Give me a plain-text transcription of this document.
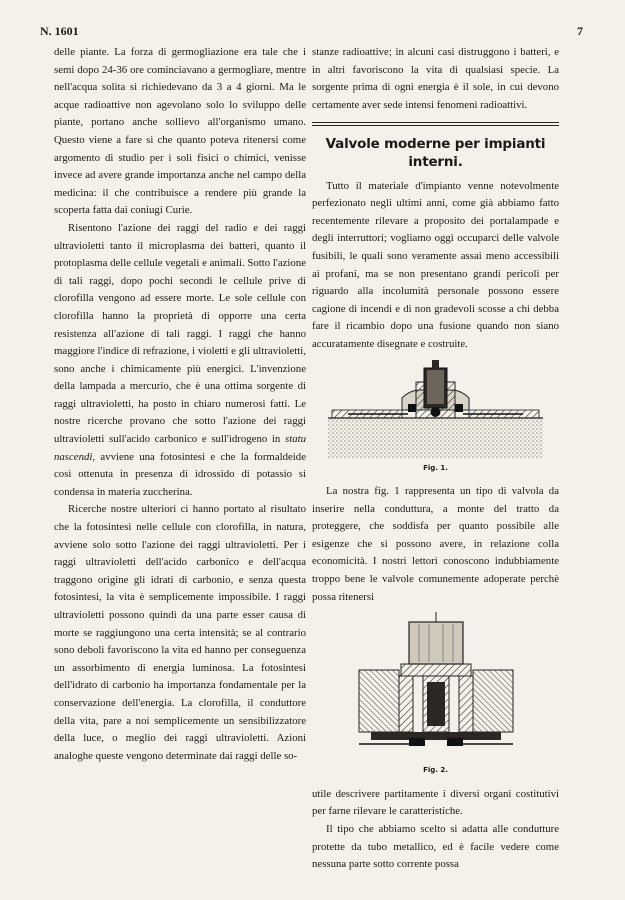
N. 1601	7

delle piante. La forza di germogliazione era tale che i semi dopo 24-36 ore cominciavano a germogliare, mentre nell'acqua solita si richiedevano da 3 a 4 giorni. Ma le acque radioattive non agevolano solo lo sviluppo delle piante, portano anche sollievo all'organismo umano. Questo viene a fare sì che quanto poteva ritenersi come argomento di studio per i soli fisici o chimici, venisse invece ad avere grande importanza anche nel campo della medicina: il che contribuisce a rendere più grande la scoperta fatta dai coniugi Curie.

Risentono l'azione dei raggi del radio e dei raggi ultravioletti tanto il microplasma dei batteri, quanto il protoplasma delle cellule vegetali e animali. Sotto l'azione di tali raggi, dopo pochi secondi le cellule prive di clorofilla vengono ad essere morte. Le sole cellule con clorofilla hanno la proprietà di opporre una certa resistenza all'azione di tali raggi. I raggi che hanno maggiore l'indice di refrazione, i violetti e gli ultravioletti, sono anche i chimicamente più energici. L'invenzione della lampada a mercurio, che è una ottima sorgente di raggi ultravioletti, ha posto in chiaro numerosi fatti. Le nostre ricerche provano che sotto l'azione dei raggi ultravioletti sull'acido carbonico e sull'idrogeno in statu nascendi, avviene una fotosintesi e che la formaldeide così ottenuta in presenza di idrossido di potassio si condensa in materia zuccherina.

Ricerche nostre ulteriori ci hanno portato al risultato che la fotosintesi nelle cellule con clorofilla, in natura, avviene solo sotto l'azione dei raggi ultravioletti. Per i raggi ultravioletti dell'acido carbonico e dell'acqua traggono origine gli idrati di carbonio, e senza questa fotosintesi, la vita è semplicemente impossibile. I raggi ultravioletti possono quindi da una parte esser causa di morte se raggiungono una certa intensità; se al contrario sono deboli favoriscono la vita ed hanno per conseguenza un assorbimento di energia luminosa. La fotosintesi dell'idrato di carbonio ha importanza fondamentale per la conservazione dell'energia. La clorofilla, il conduttore della vita, pare a noi semplicemente un sensibilizzatore della luce, o meglio dei raggi ultravioletti. Azioni analoghe queste vengono determinate dai raggi delle so-

stanze radioattive; in alcuni casi distruggono i batteri, e in altri favoriscono la vita di qualsiasi specie. La sorgente prima di ogni energia è il sole, in cui devono certamente aver sede intensi fenomeni radioattivi.

Valvole moderne per impianti interni.

Tutto il materiale d'impianto venne notevolmente perfezionato negli ultimi anni, come già abbiamo fatto recentemente rilevare a proposito dei portalampade e degli interruttori; vogliamo oggi occuparci delle valvole fusibili, le quali sono veramente assai meno accessibili ai profani, ma se non presentano grandi pericoli per riguardo alla incolumità personale possono essere cagione di incendi e di non gradevoli scosse a chi debba fare il ricambio dopo una fusione quando non siano accuratamente disegnate e costruite.

Fig. 1.

La nostra fig. 1 rappresenta un tipo di valvola da inserire nella conduttura, a monte del tratto da proteggere, che soddisfa per quanto possibile alle esigenze che si possono avere, in relazione colla economicità. I nostri lettori conoscono indubbiamente troppo bene le valvole comunemente adoperate perchè possa ritenersi

Fig. 2.

utile descrivere partitamente i diversi organi costitutivi per farne rilevare le caratteristiche.

Il tipo che abbiamo scelto si adatta alle condutture protette da tubo metallico, ed è facile vedere come nessuna parte sotto corrente possa
